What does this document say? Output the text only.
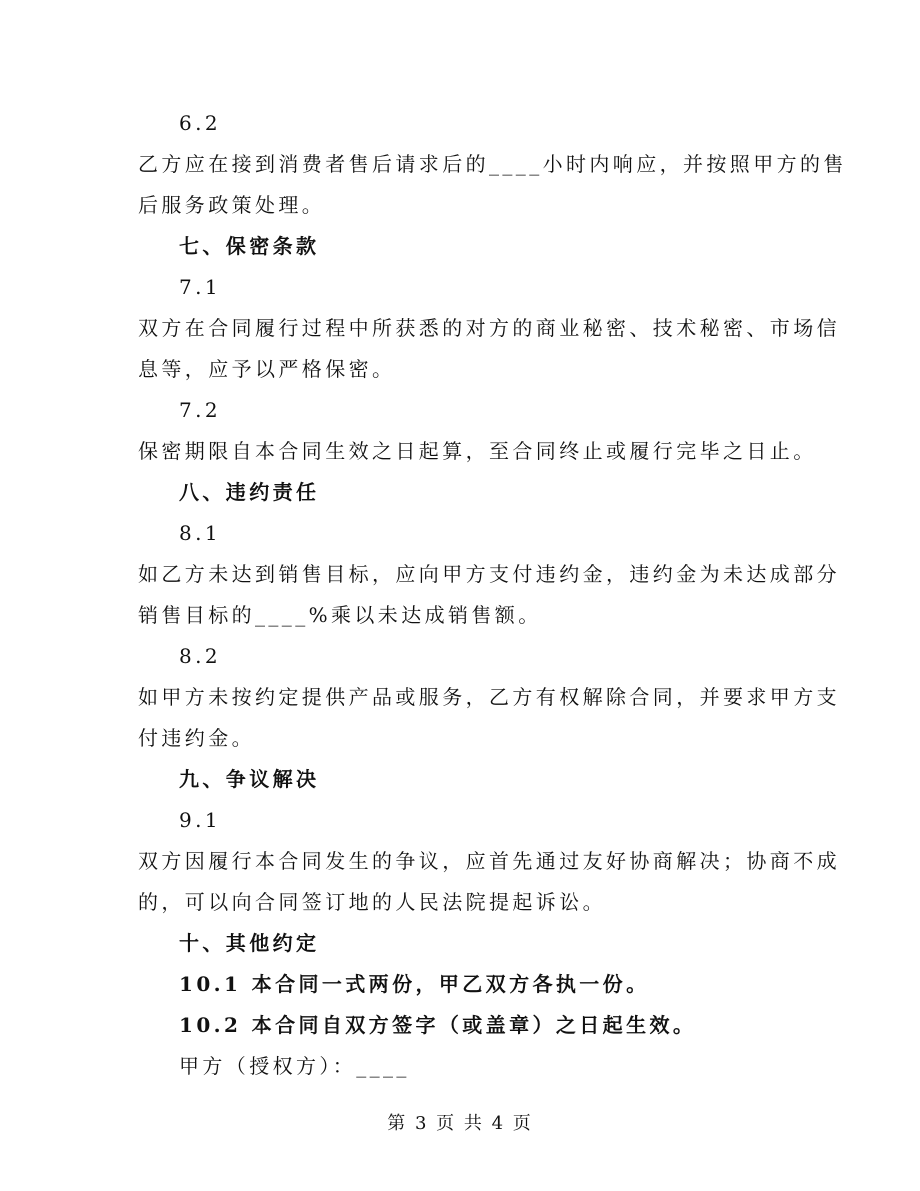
6.2
乙方应在接到消费者售后请求后的____小时内响应，并按照甲方的售
后服务政策处理。
七、保密条款
7.1
双方在合同履行过程中所获悉的对方的商业秘密、技术秘密、市场信
息等，应予以严格保密。
7.2
保密期限自本合同生效之日起算，至合同终止或履行完毕之日止。
八、违约责任
8.1
如乙方未达到销售目标，应向甲方支付违约金，违约金为未达成部分
销售目标的____%乘以未达成销售额。
8.2
如甲方未按约定提供产品或服务，乙方有权解除合同，并要求甲方支
付违约金。
九、争议解决
9.1
双方因履行本合同发生的争议，应首先通过友好协商解决；协商不成
的，可以向合同签订地的人民法院提起诉讼。
十、其他约定
10.1 本合同一式两份，甲乙双方各执一份。
10.2 本合同自双方签字（或盖章）之日起生效。
甲方（授权方）：____
第 3 页 共 4 页
